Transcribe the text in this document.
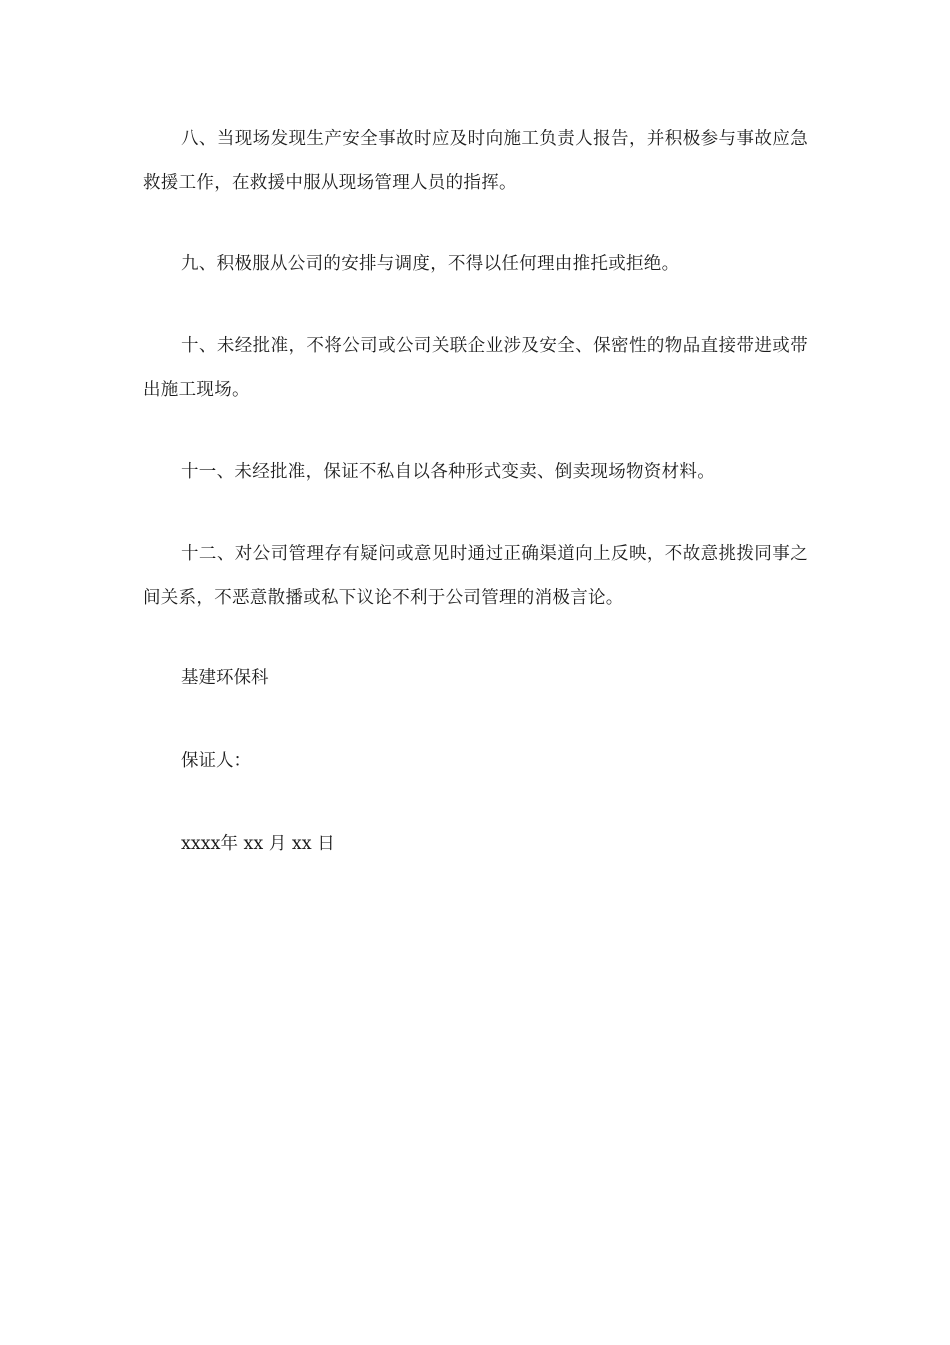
八、当现场发现生产安全事故时应及时向施工负责人报告，并积极参与事故应急救援工作，在救援中服从现场管理人员的指挥。

九、积极服从公司的安排与调度，不得以任何理由推托或拒绝。

十、未经批准，不将公司或公司关联企业涉及安全、保密性的物品直接带进或带出施工现场。

十一、未经批准，保证不私自以各种形式变卖、倒卖现场物资材料。

十二、对公司管理存有疑问或意见时通过正确渠道向上反映，不故意挑拨同事之间关系，不恶意散播或私下议论不利于公司管理的消极言论。

基建环保科

保证人：

xxxx年 xx 月 xx 日
